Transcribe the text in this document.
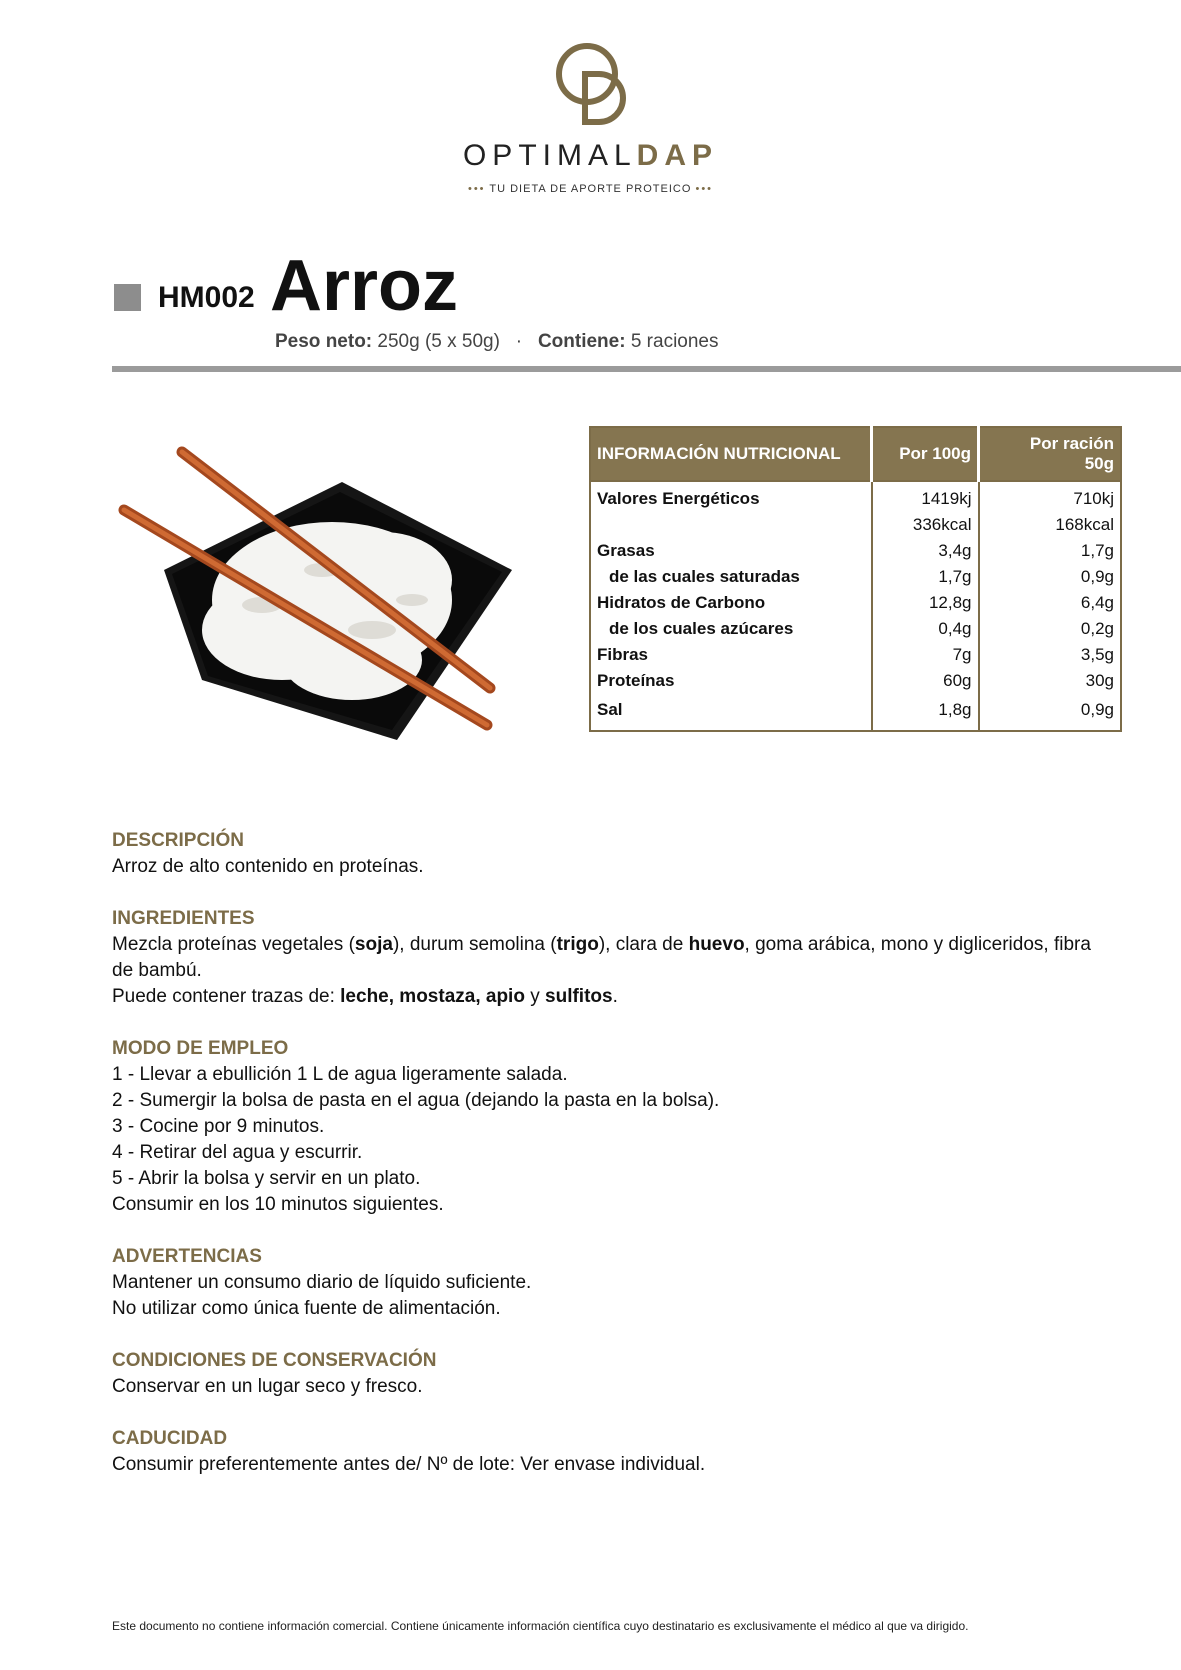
OPTIMALDAP
••• TU DIETA DE APORTE PROTEICO •••
HM002 Arroz
Peso neto: 250g (5 x 50g) · Contiene: 5 raciones
INFORMACIÓN NUTRICIONAL	Por 100g	Por ración
50g
Valores Energéticos	1419kj	710kj
	336kcal	168kcal
Grasas	3,4g	1,7g
de las cuales saturadas	1,7g	0,9g
Hidratos de Carbono	12,8g	6,4g
de los cuales azúcares	0,4g	0,2g
Fibras	7g	3,5g
Proteínas	60g	30g
Sal	1,8g	0,9g
DESCRIPCIÓN

Arroz de alto contenido en proteínas.

INGREDIENTES

Mezcla proteínas vegetales (soja), durum semolina (trigo), clara de huevo, goma arábica, mono y digliceridos, fibra de bambú.

Puede contener trazas de: leche, mostaza, apio y sulfitos.

MODO DE EMPLEO

1 - Llevar a ebullición 1 L de agua ligeramente salada.

2 - Sumergir la bolsa de pasta en el agua (dejando la pasta en la bolsa).

3 - Cocine por 9 minutos.

4 - Retirar del agua y escurrir.

5 - Abrir la bolsa y servir en un plato.

Consumir en los 10 minutos siguientes.

ADVERTENCIAS

Mantener un consumo diario de líquido suficiente.

No utilizar como única fuente de alimentación.

CONDICIONES DE CONSERVACIÓN

Conservar en un lugar seco y fresco.

CADUCIDAD

Consumir preferentemente antes de/ Nº de lote: Ver envase individual.

Este documento no contiene información comercial. Contiene únicamente información científica cuyo destinatario es exclusivamente el médico al que va dirigido.
